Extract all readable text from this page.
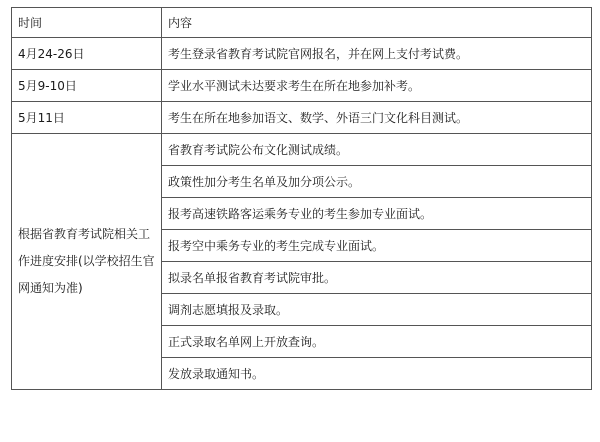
时间	内容
4月24-26日	考生登录省教育考试院官网报名，并在网上支付考试费。
5月9-10日	学业水平测试未达要求考生在所在地参加补考。
5月11日	考生在所在地参加语文、数学、外语三门文化科目测试。
根据省教育考试院相关工作进度安排(以学校招生官网通知为准)	省教育考试院公布文化测试成绩。
	政策性加分考生名单及加分项公示。
	报考高速铁路客运乘务专业的考生参加专业面试。
	报考空中乘务专业的考生完成专业面试。
	拟录名单报省教育考试院审批。
	调剂志愿填报及录取。
	正式录取名单网上开放查询。
	发放录取通知书。
